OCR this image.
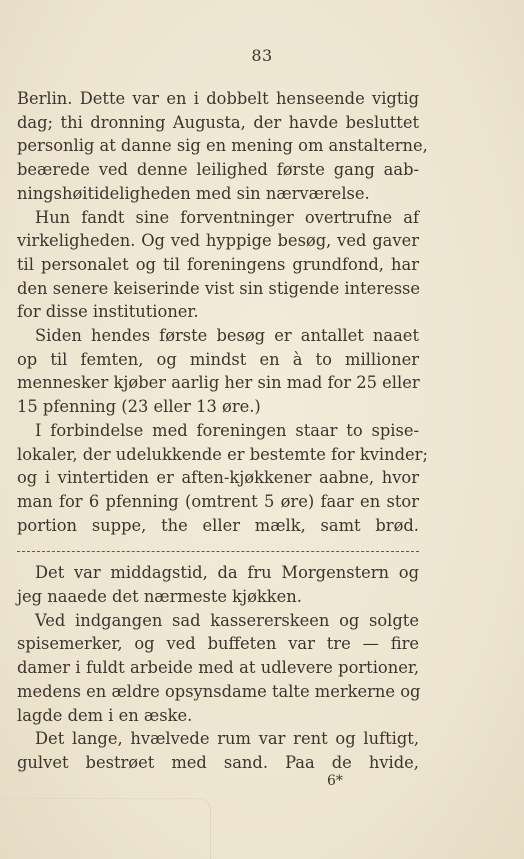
83
Berlin. Dette var en i dobbelt henseende vigtig
dag; thi dronning Augusta, der havde besluttet
personlig at danne sig en mening om anstalterne,
beærede ved denne leilighed første gang aab-
ningshøitideligheden med sin nærværelse.
Hun fandt sine forventninger overtrufne af
virkeligheden. Og ved hyppige besøg, ved gaver
til personalet og til foreningens grundfond, har
den senere keiserinde vist sin stigende interesse
for disse institutioner.
Siden hendes første besøg er antallet naaet
op til femten, og mindst en à to millioner
mennesker kjøber aarlig her sin mad for 25 eller
15 pfenning (23 eller 13 øre.)
I forbindelse med foreningen staar to spise-
lokaler, der udelukkende er bestemte for kvinder;
og i vintertiden er aften-kjøkkener aabne, hvor
man for 6 pfenning (omtrent 5 øre) faar en stor
portion suppe, the eller mælk, samt brød.
Det var middagstid, da fru Morgenstern og
jeg naaede det nærmeste kjøkken.
Ved indgangen sad kassererskeen og solgte
spisemerker, og ved buffeten var tre — fire
damer i fuldt arbeide med at udlevere portioner,
medens en ældre opsynsdame talte merkerne og
lagde dem i en æske.
Det lange, hvælvede rum var rent og luftigt,
gulvet bestrøet med sand. Paa de hvide,
6*
